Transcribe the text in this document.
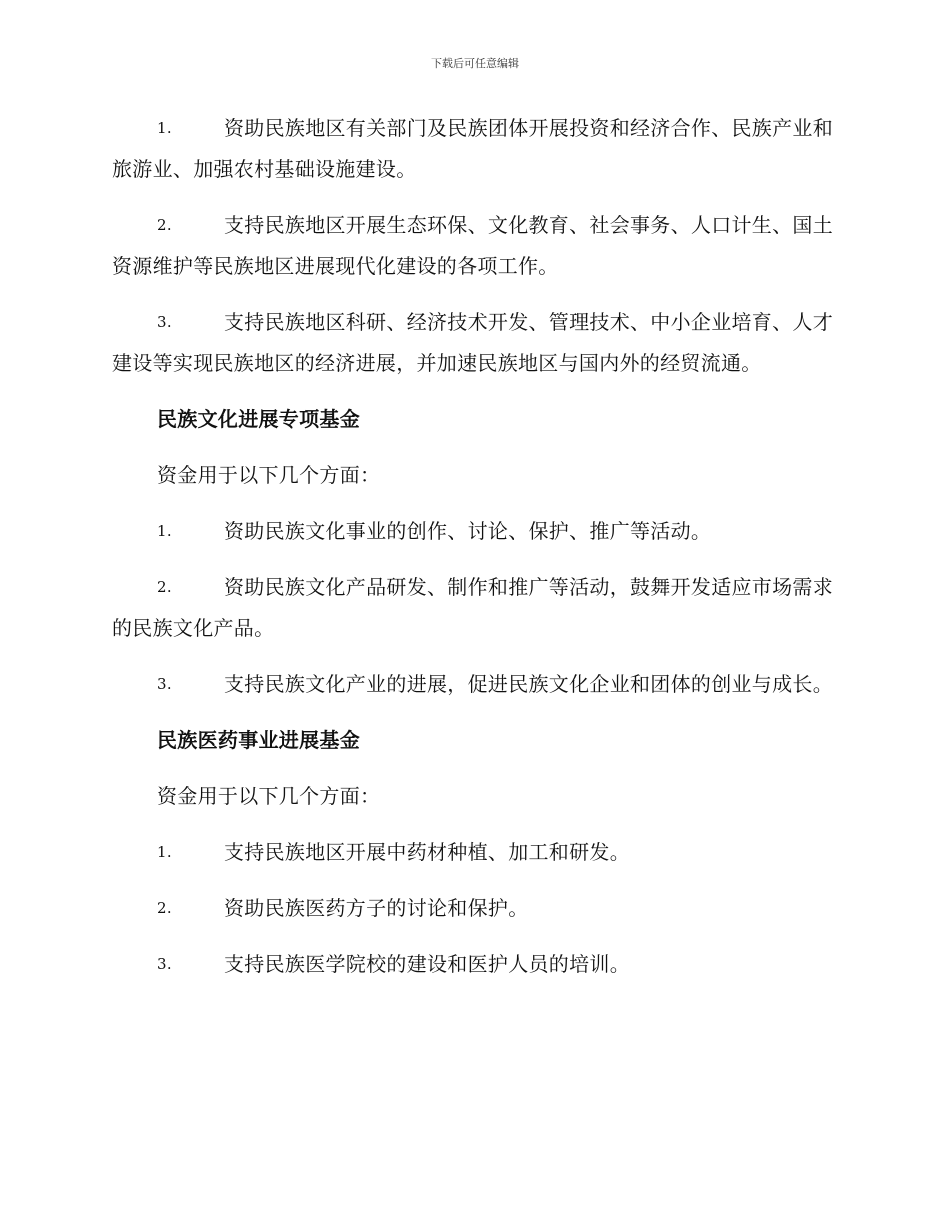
下载后可任意编辑
1.	资助民族地区有关部门及民族团体开展投资和经济合作、民族产业和旅游业、加强农村基础设施建设。
2.	支持民族地区开展生态环保、文化教育、社会事务、人口计生、国土资源维护等民族地区进展现代化建设的各项工作。
3.	支持民族地区科研、经济技术开发、管理技术、中小企业培育、人才建设等实现民族地区的经济进展，并加速民族地区与国内外的经贸流通。
民族文化进展专项基金
资金用于以下几个方面：
1.	资助民族文化事业的创作、讨论、保护、推广等活动。
2.	资助民族文化产品研发、制作和推广等活动，鼓舞开发适应市场需求的民族文化产品。
3.	支持民族文化产业的进展，促进民族文化企业和团体的创业与成长。
民族医药事业进展基金
资金用于以下几个方面：
1.	支持民族地区开展中药材种植、加工和研发。
2.	资助民族医药方子的讨论和保护。
3.	支持民族医学院校的建设和医护人员的培训。
